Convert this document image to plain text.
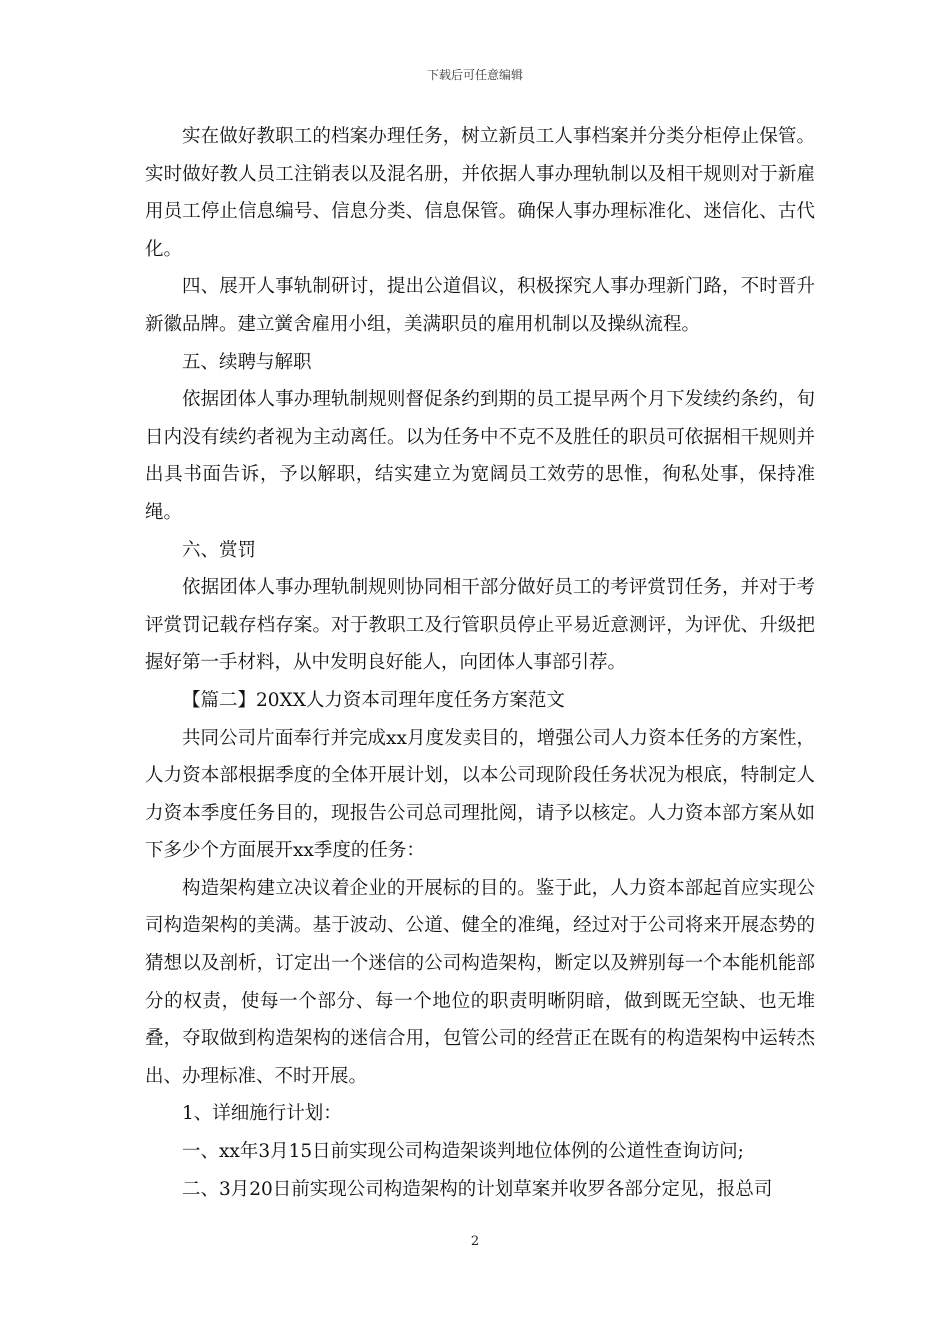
下载后可任意编辑

实在做好教职工的档案办理任务，树立新员工人事档案并分类分柜停止保管。实时做好教人员工注销表以及混名册，并依据人事办理轨制以及相干规则对于新雇用员工停止信息编号、信息分类、信息保管。确保人事办理标准化、迷信化、古代化。

四、展开人事轨制研讨，提出公道倡议，积极探究人事办理新门路，不时晋升新徽品牌。建立黉舍雇用小组，美满职员的雇用机制以及操纵流程。

五、续聘与解职

依据团体人事办理轨制规则督促条约到期的员工提早两个月下发续约条约，旬日内没有续约者视为主动离任。以为任务中不克不及胜任的职员可依据相干规则并出具书面告诉，予以解职，结实建立为宽阔员工效劳的思惟，徇私处事，保持准绳。

六、赏罚

依据团体人事办理轨制规则协同相干部分做好员工的考评赏罚任务，并对于考评赏罚记载存档存案。对于教职工及行管职员停止平易近意测评，为评优、升级把握好第一手材料，从中发明良好能人，向团体人事部引荐。

【篇二】20XX人力资本司理年度任务方案范文

共同公司片面奉行并完成xx月度发卖目的，增强公司人力资本任务的方案性，人力资本部根据季度的全体开展计划，以本公司现阶段任务状况为根底，特制定人力资本季度任务目的，现报告公司总司理批阅，请予以核定。人力资本部方案从如下多少个方面展开xx季度的任务：

构造架构建立决议着企业的开展标的目的。鉴于此，人力资本部起首应实现公司构造架构的美满。基于波动、公道、健全的准绳，经过对于公司将来开展态势的猜想以及剖析，订定出一个迷信的公司构造架构，断定以及辨别每一个本能机能部分的权责，使每一个部分、每一个地位的职责明晰阴暗，做到既无空缺、也无堆叠，夺取做到构造架构的迷信合用，包管公司的经营正在既有的构造架构中运转杰出、办理标准、不时开展。

1、详细施行计划：

一、xx年3月15日前实现公司构造架谈判地位体例的公道性查询访问;

二、3月20日前实现公司构造架构的计划草案并收罗各部分定见，报总司

2
